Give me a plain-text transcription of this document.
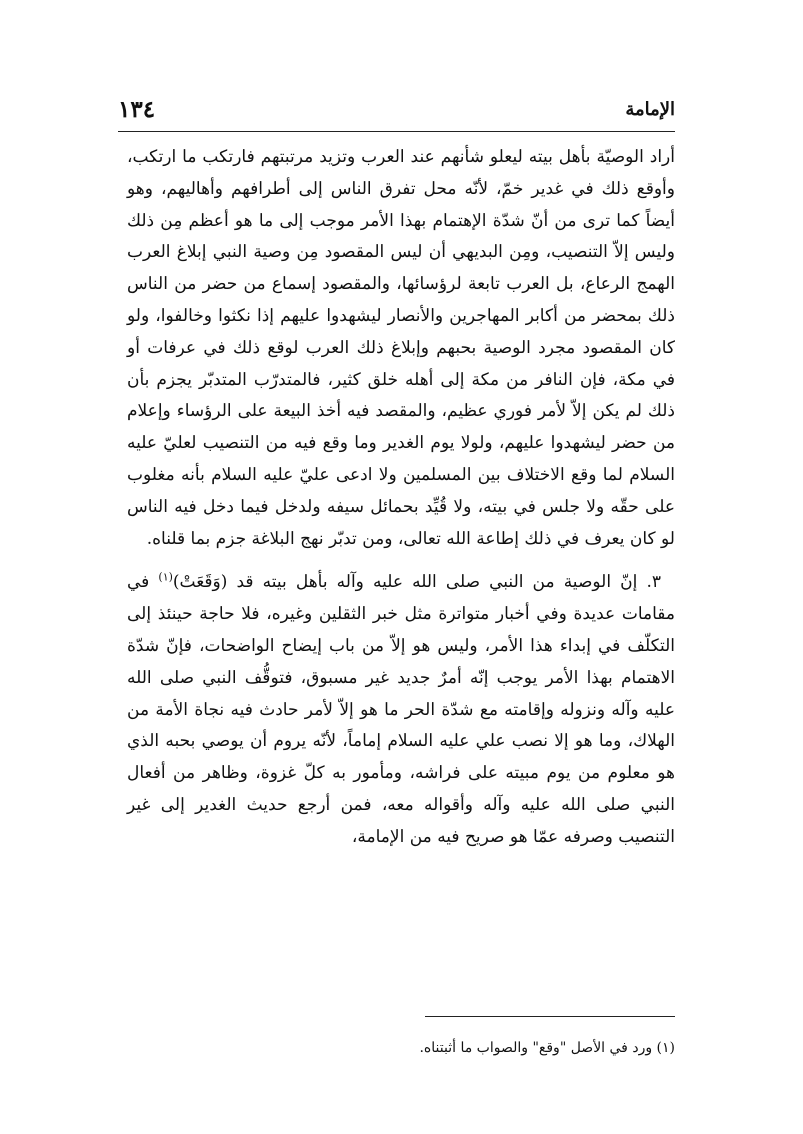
الإمامة
١٣٤

أراد الوصيّة بأهل بيته ليعلو شأنهم عند العرب وتزيد مرتبتهم فارتكب ما ارتكب، وأوقع ذلك في غدير خمّ، لأنّه محل تفرق الناس إلى أطرافهم وأهاليهم، وهو أيضاً كما ترى من أنّ شدّة الإهتمام بهذا الأمر موجب إلى ما هو أعظم مِن ذلك وليس إلاّ التنصيب، ومِن البديهي أن ليس المقصود مِن وصية النبي إبلاغ العرب الهمج الرعاع، بل العرب تابعة لرؤسائها، والمقصود إسماع من حضر من الناس ذلك بمحضر من أكابر المهاجرين والأنصار ليشهدوا عليهم إذا نكثوا وخالفوا، ولو كان المقصود مجرد الوصية بحبهم وإبلاغ ذلك العرب لوقع ذلك في عرفات أو في مكة، فإن النافر من مكة إلى أهله خلق كثير، فالمتدرّب المتدبّر يجزم بأن ذلك لم يكن إلاّ لأمر فوري عظيم، والمقصد فيه أخذ البيعة على الرؤساء وإعلام من حضر ليشهدوا عليهم، ولولا يوم الغدير وما وقع فيه من التنصيب لعليّ عليه السلام لما وقع الاختلاف بين المسلمين ولا ادعى عليّ عليه السلام بأنه مغلوب على حقّه ولا جلس في بيته، ولا قُيِّد بحمائل سيفه ولدخل فيما دخل فيه الناس لو كان يعرف في ذلك إطاعة الله تعالى، ومن تدبّر نهج البلاغة جزم بما قلناه.

٣. إنّ الوصية من النبي صلى الله عليه وآله بأهل بيته قد (وَقَعَتْ)$^{(١)}$ في مقامات عديدة وفي أخبار متواترة مثل خبر الثقلين وغيره، فلا حاجة حينئذ إلى التكلّف في إبداء هذا الأمر، وليس هو إلاّ من باب إيضاح الواضحات، فإنّ شدّة الاهتمام بهذا الأمر يوجب إنّه أمرٌ جديد غير مسبوق، فتوقُّف النبي صلى الله عليه وآله ونزوله وإقامته مع شدّة الحر ما هو إلاّ لأمر حادث فيه نجاة الأمة من الهلاك، وما هو إلا نصب علي عليه السلام إماماً، لأنّه يروم أن يوصي بحبه الذي هو معلوم من يوم مبيته على فراشه، ومأمور به كلّ غزوة، وظاهر من أفعال النبي صلى الله عليه وآله وأقواله معه، فمن أرجع حديث الغدير إلى غير التنصيب وصرفه عمّا هو صريح فيه من الإمامة،

(١) ورد في الأصل "وقع" والصواب ما أثبتناه.
